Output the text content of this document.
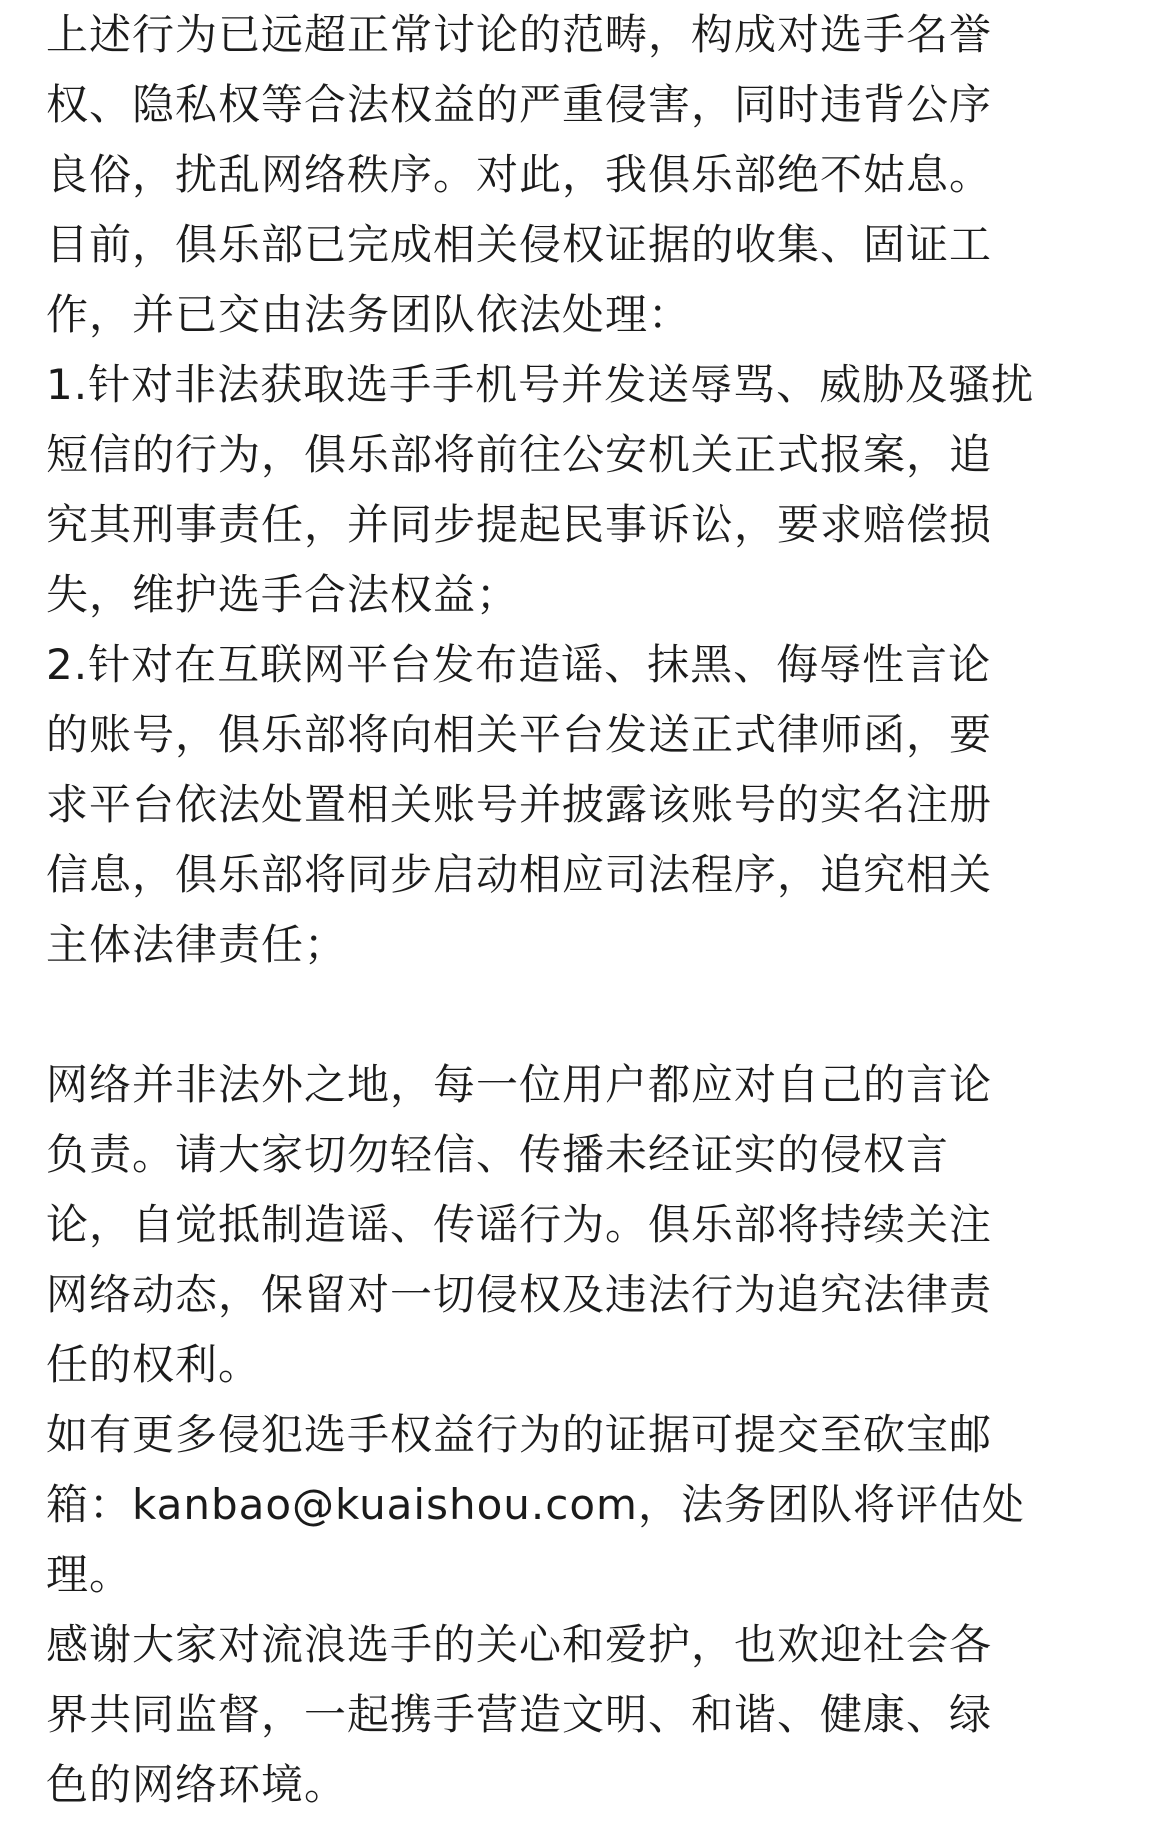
上述行为已远超正常讨论的范畴，构成对选手名誉
权、隐私权等合法权益的严重侵害，同时违背公序
良俗，扰乱网络秩序。对此，我俱乐部绝不姑息。
目前，俱乐部已完成相关侵权证据的收集、固证工
作，并已交由法务团队依法处理：
1.针对非法获取选手手机号并发送辱骂、威胁及骚扰
短信的行为，俱乐部将前往公安机关正式报案，追
究其刑事责任，并同步提起民事诉讼，要求赔偿损
失，维护选手合法权益；
2.针对在互联网平台发布造谣、抹黑、侮辱性言论
的账号，俱乐部将向相关平台发送正式律师函，要
求平台依法处置相关账号并披露该账号的实名注册
信息，俱乐部将同步启动相应司法程序，追究相关
主体法律责任；
网络并非法外之地，每一位用户都应对自己的言论
负责。请大家切勿轻信、传播未经证实的侵权言
论，自觉抵制造谣、传谣行为。俱乐部将持续关注
网络动态，保留对一切侵权及违法行为追究法律责
任的权利。
如有更多侵犯选手权益行为的证据可提交至砍宝邮
箱：kanbao@kuaishou.com，法务团队将评估处
理。
感谢大家对流浪选手的关心和爱护，也欢迎社会各
界共同监督，一起携手营造文明、和谐、健康、绿
色的网络环境。
